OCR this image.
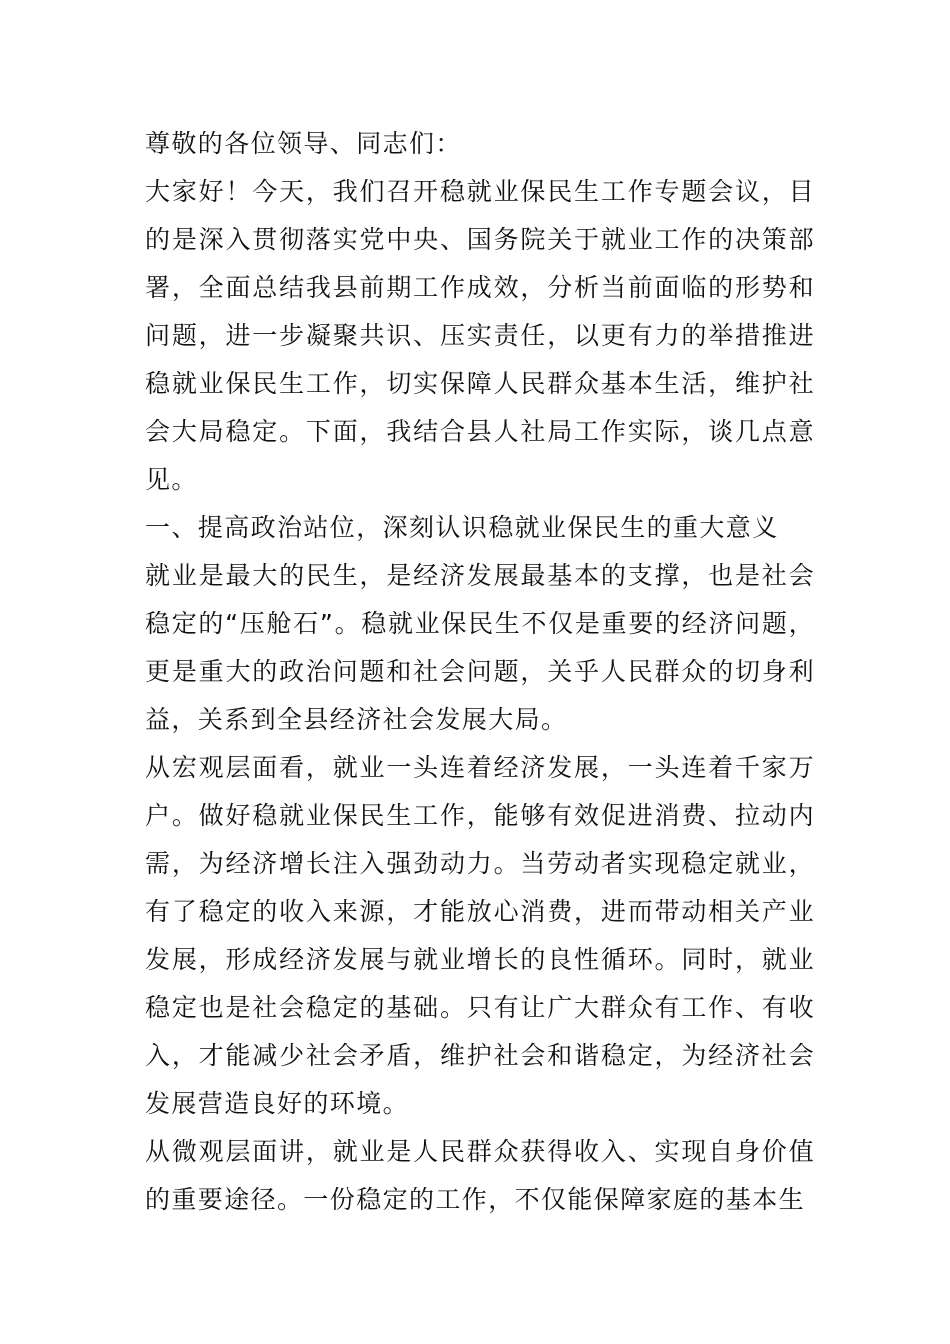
尊敬的各位领导、同志们：

大家好！今天，我们召开稳就业保民生工作专题会议，目的是深入贯彻落实党中央、国务院关于就业工作的决策部署，全面总结我县前期工作成效，分析当前面临的形势和问题，进一步凝聚共识、压实责任，以更有力的举措推进稳就业保民生工作，切实保障人民群众基本生活，维护社会大局稳定。下面，我结合县人社局工作实际，谈几点意见。

一、提高政治站位，深刻认识稳就业保民生的重大意义

就业是最大的民生，是经济发展最基本的支撑，也是社会稳定的“压舱石”。稳就业保民生不仅是重要的经济问题，更是重大的政治问题和社会问题，关乎人民群众的切身利益，关系到全县经济社会发展大局。

从宏观层面看，就业一头连着经济发展，一头连着千家万户。做好稳就业保民生工作，能够有效促进消费、拉动内需，为经济增长注入强劲动力。当劳动者实现稳定就业，有了稳定的收入来源，才能放心消费，进而带动相关产业发展，形成经济发展与就业增长的良性循环。同时，就业稳定也是社会稳定的基础。只有让广大群众有工作、有收入，才能减少社会矛盾，维护社会和谐稳定，为经济社会发展营造良好的环境。

从微观层面讲，就业是人民群众获得收入、实现自身价值的重要途径。一份稳定的工作，不仅能保障家庭的基本生
